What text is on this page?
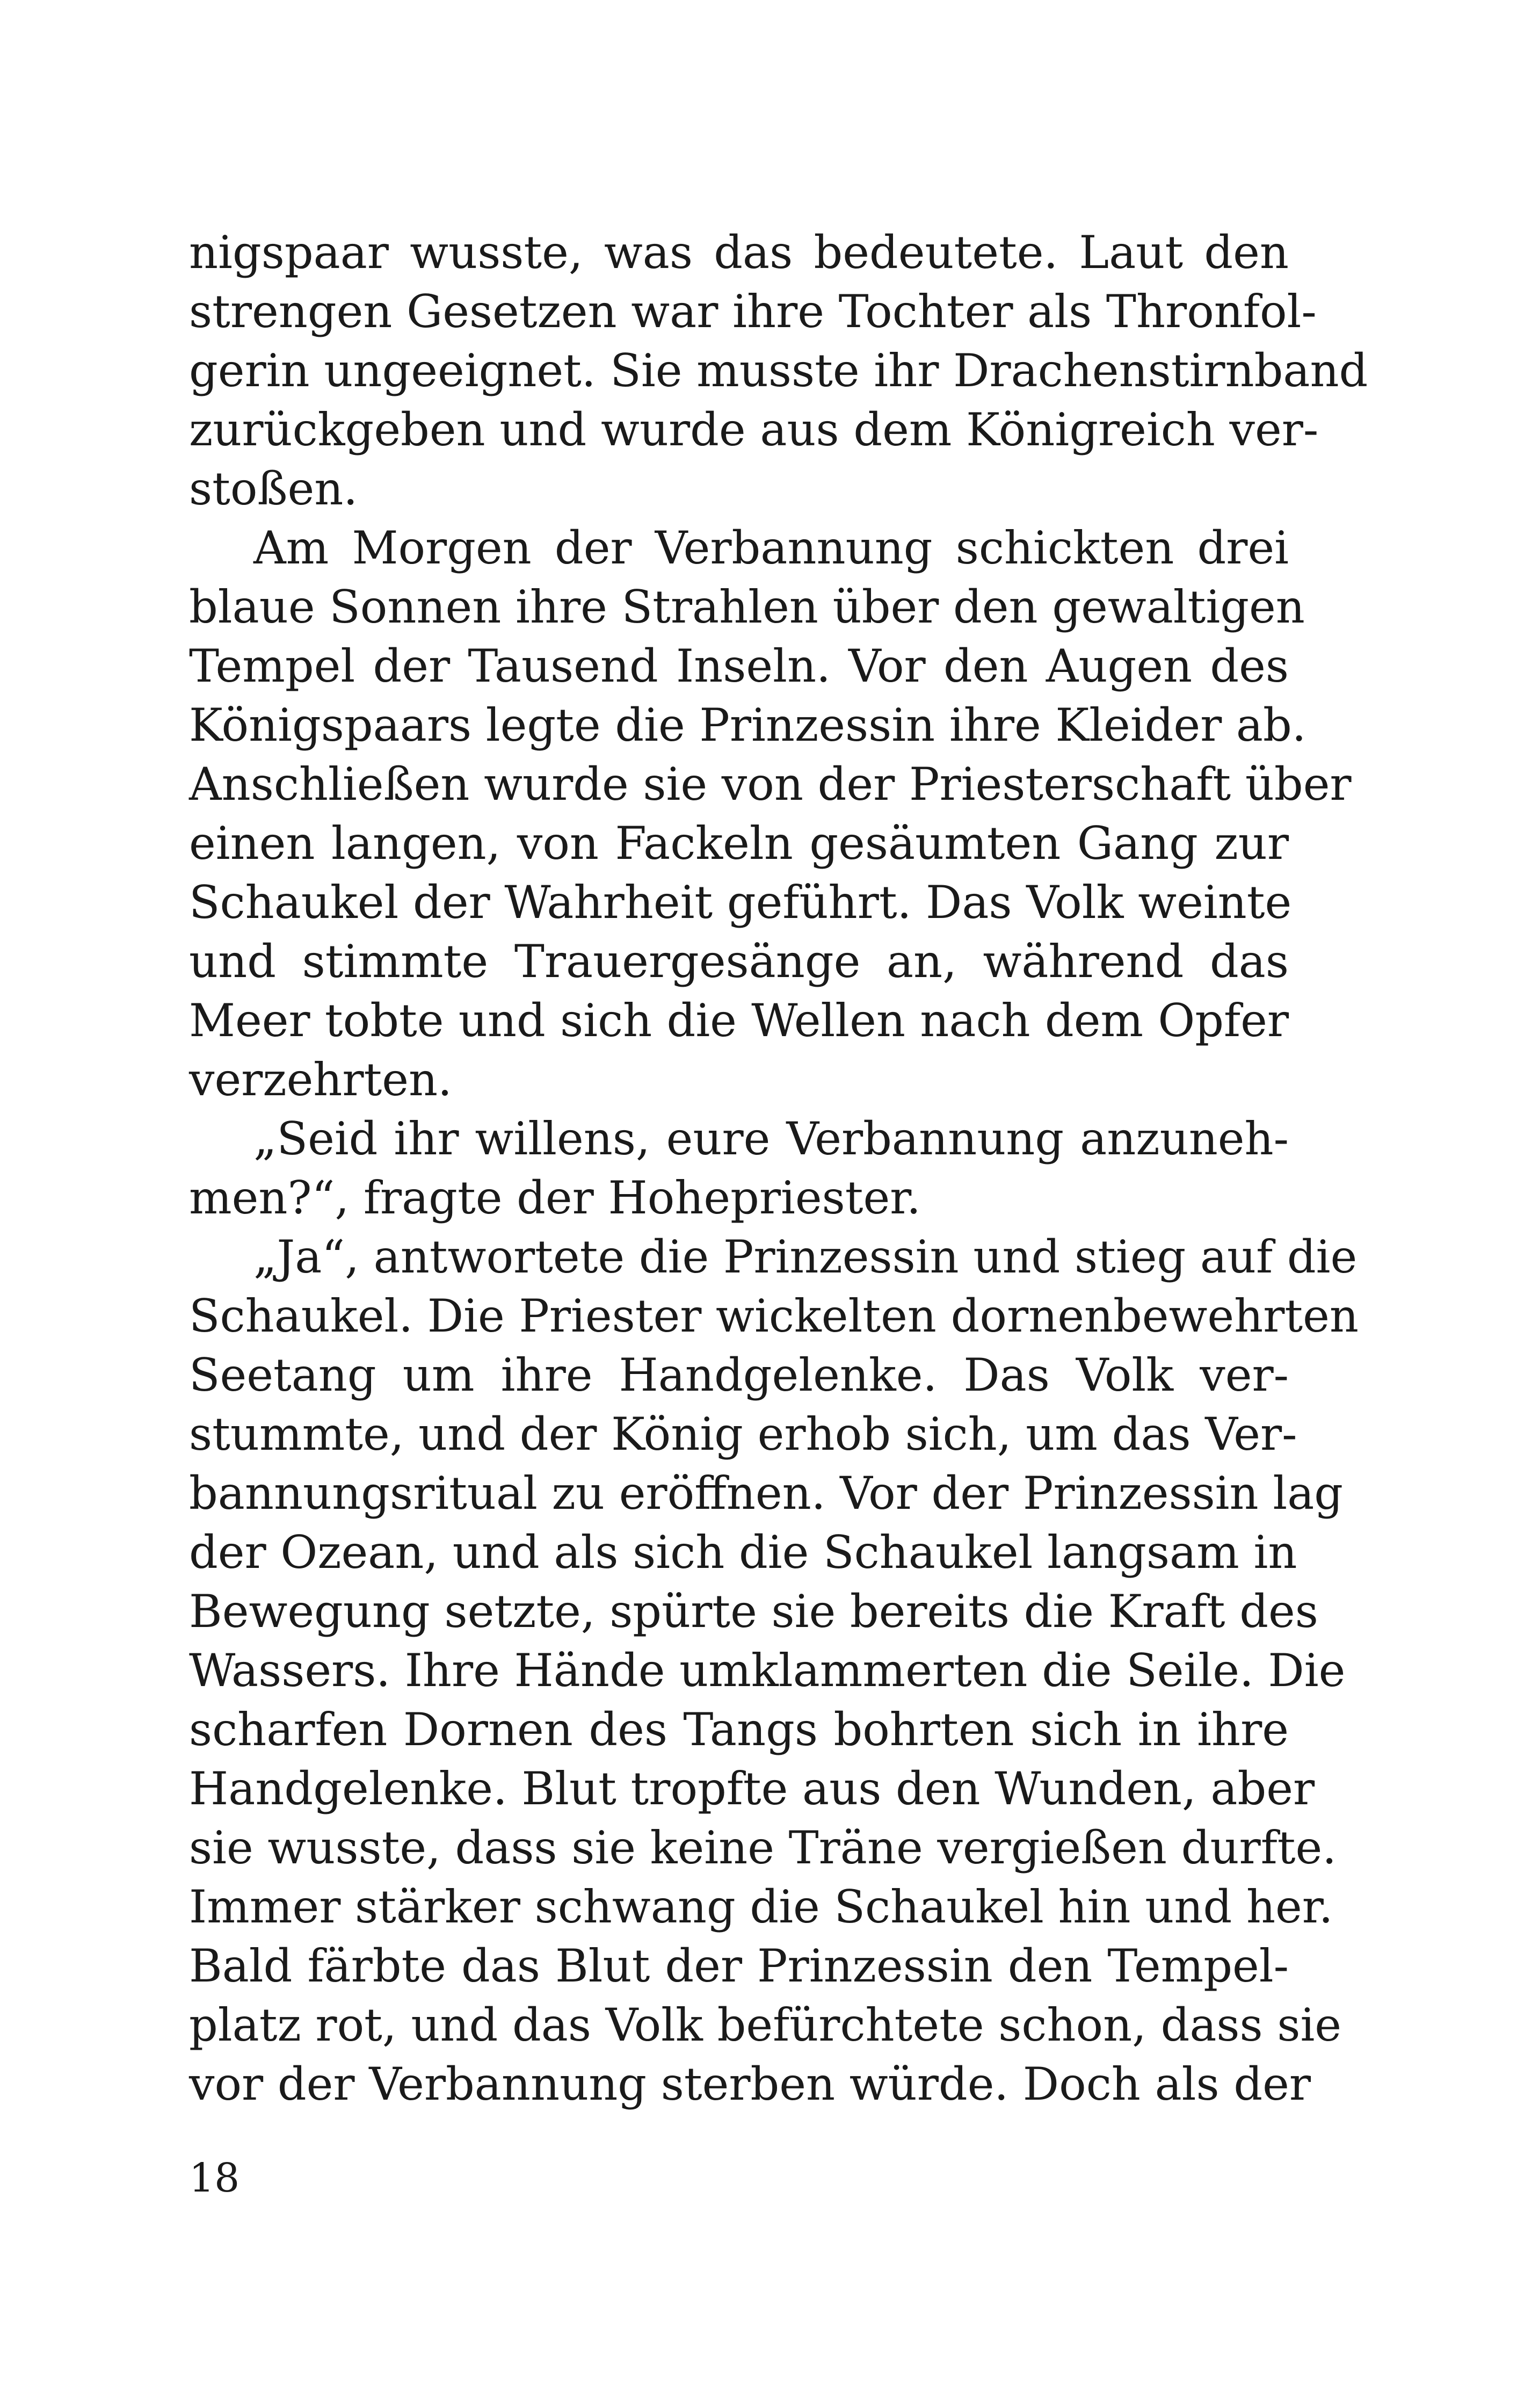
nigspaar wusste, was das bedeutete. Laut den
strengen Gesetzen war ihre Tochter als Thronfol-
gerin ungeeignet. Sie musste ihr Drachenstirnband
zurückgeben und wurde aus dem Königreich ver-
stoßen.
Am Morgen der Verbannung schickten drei
blaue Sonnen ihre Strahlen über den gewaltigen
Tempel der Tausend Inseln. Vor den Augen des
Königspaars legte die Prinzessin ihre Kleider ab.
Anschließen wurde sie von der Priesterschaft über
einen langen, von Fackeln gesäumten Gang zur
Schaukel der Wahrheit geführt. Das Volk weinte
und stimmte Trauergesänge an, während das
Meer tobte und sich die Wellen nach dem Opfer
verzehrten.
„Seid ihr willens, eure Verbannung anzuneh-
men?“, fragte der Hohepriester.
„Ja“, antwortete die Prinzessin und stieg auf die
Schaukel. Die Priester wickelten dornenbewehrten
Seetang um ihre Handgelenke. Das Volk ver-
stummte, und der König erhob sich, um das Ver-
bannungsritual zu eröffnen. Vor der Prinzessin lag
der Ozean, und als sich die Schaukel langsam in
Bewegung setzte, spürte sie bereits die Kraft des
Wassers. Ihre Hände umklammerten die Seile. Die
scharfen Dornen des Tangs bohrten sich in ihre
Handgelenke. Blut tropfte aus den Wunden, aber
sie wusste, dass sie keine Träne vergießen durfte.
Immer stärker schwang die Schaukel hin und her.
Bald färbte das Blut der Prinzessin den Tempel-
platz rot, und das Volk befürchtete schon, dass sie
vor der Verbannung sterben würde. Doch als der
18
